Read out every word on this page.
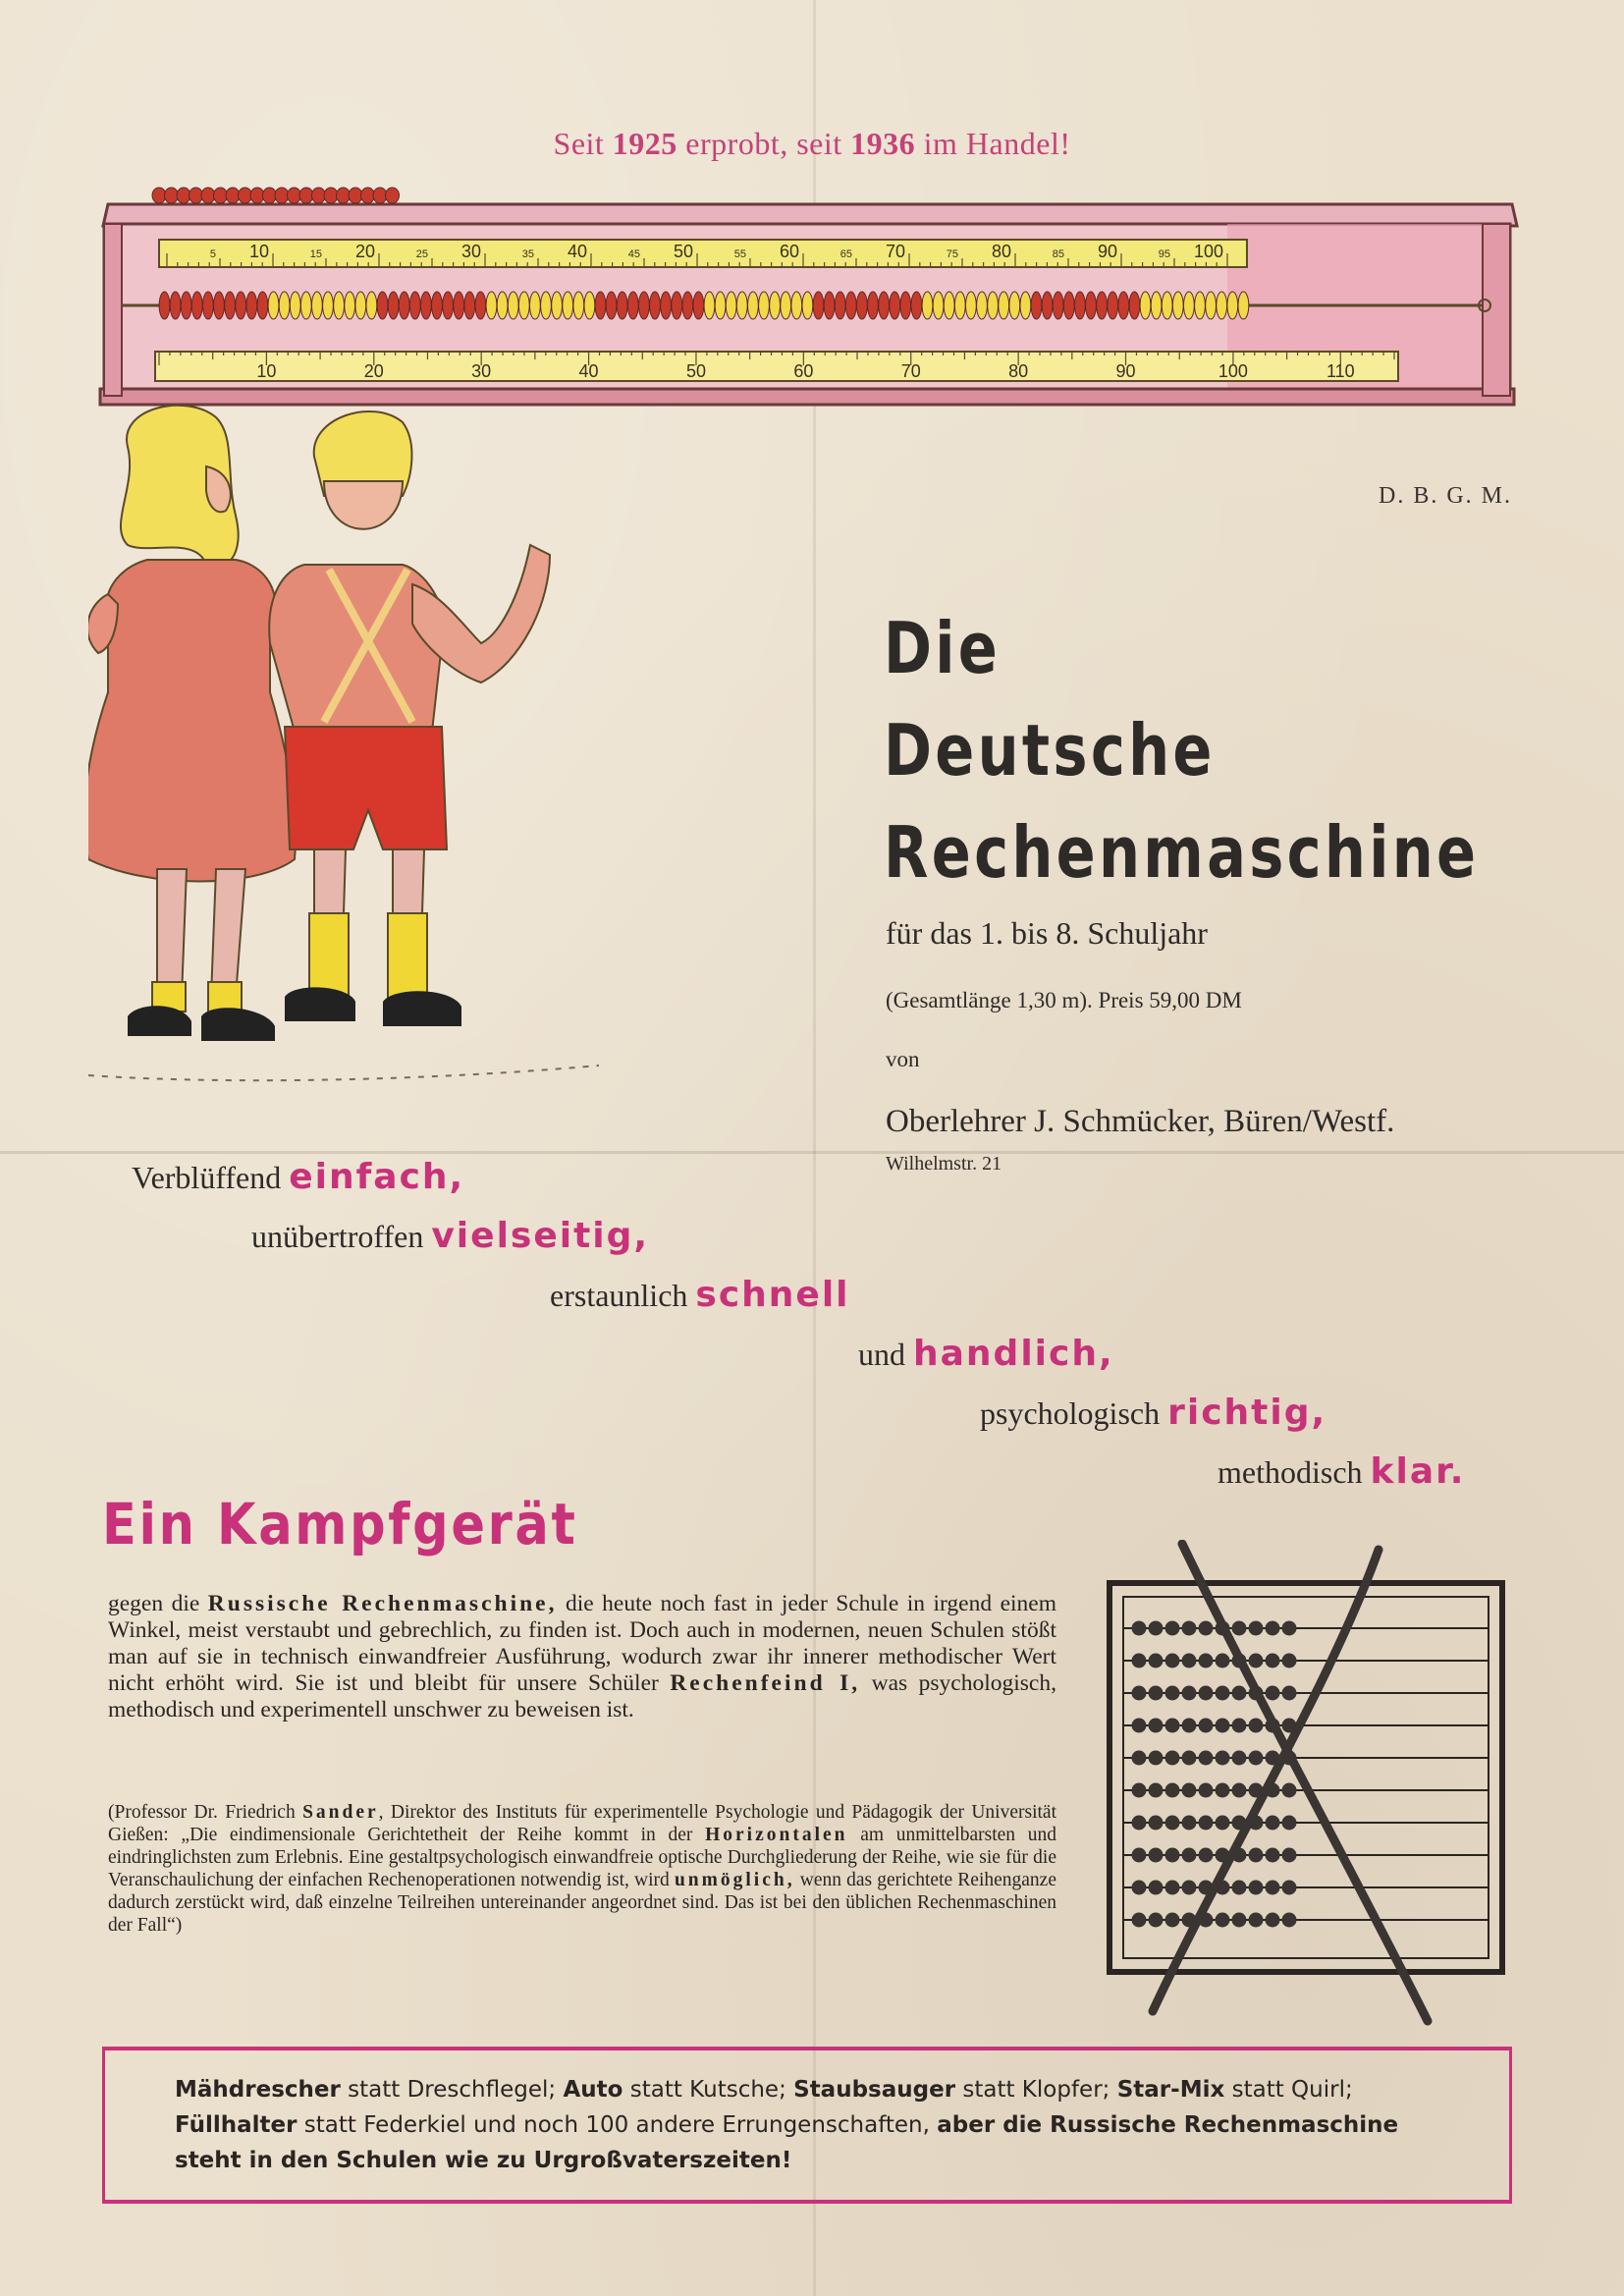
Seit 1925 erprobt, seit 1936 im Handel!
5 10	15 20	25 30	35 40	45 50	55 60	65 70	75 80	85 90	95 100
10	20	30	40	50	60	70	80	90	100	110
D. B. G. M.
Die
Deutsche
Rechenmaschine
für das 1. bis 8. Schuljahr
(Gesamtlänge 1,30 m). Preis 59,00 DM
von
Oberlehrer J. Schmücker, Büren/Westf.
Wilhelmstr. 21
Verblüffend einfach,
unübertroffen vielseitig,
erstaunlich schnell
und handlich,
psychologisch richtig,
methodisch klar.
Ein Kampfgerät

gegen die Russische Rechenmaschine, die heute noch fast in jeder Schule in irgend einem Winkel, meist verstaubt und gebrechlich, zu finden ist. Doch auch in modernen, neuen Schulen stößt man auf sie in technisch einwandfreier Ausführung, wodurch zwar ihr innerer methodischer Wert nicht erhöht wird. Sie ist und bleibt für unsere Schüler Rechenfeind I, was psychologisch, methodisch und experimentell unschwer zu beweisen ist.

(Professor Dr. Friedrich Sander, Direktor des Instituts für experimentelle Psychologie und Pädagogik der Universität Gießen: „Die eindimensionale Gerichtetheit der Reihe kommt in der Horizontalen am unmittelbarsten und eindringlichsten zum Erlebnis. Eine gestaltpsychologisch einwandfreie optische Durchgliederung der Reihe, wie sie für die Veranschaulichung der einfachen Rechenoperationen notwendig ist, wird unmöglich, wenn das gerichtete Reihenganze dadurch zerstückt wird, daß einzelne Teilreihen untereinander angeordnet sind. Das ist bei den üblichen Rechenmaschinen der Fall“)

Mähdrescher statt Dreschflegel; Auto statt Kutsche; Staubsauger statt Klopfer; Star-Mix statt Quirl;
Füllhalter statt Federkiel und noch 100 andere Errungenschaften, aber die Russische Rechenmaschine steht in den Schulen wie zu Urgroßvaterszeiten!
